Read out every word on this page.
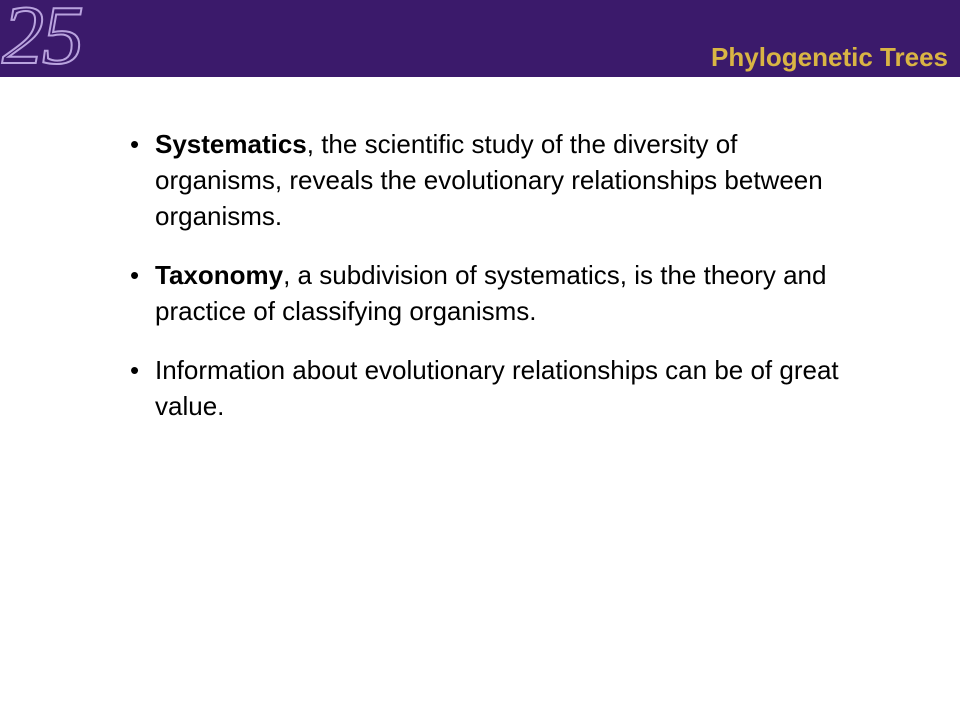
Phylogenetic Trees
25
• Systematics, the scientific study of the diversity of organisms, reveals the evolutionary relationships between organisms.
• Taxonomy, a subdivision of systematics, is the theory and practice of classifying organisms.
• Information about evolutionary relationships can be of great value.
